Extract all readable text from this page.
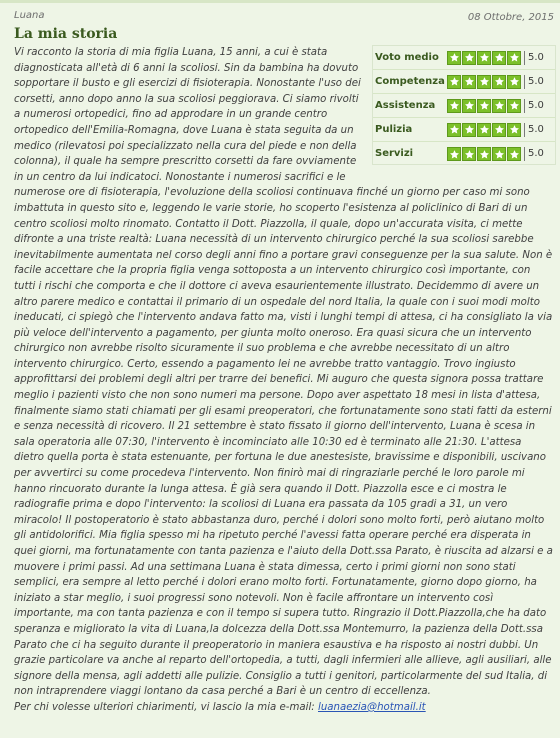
Luana	08 Ottobre, 2015
La mia storia
Voto medio	5.0
Competenza	5.0
Assistenza	5.0
Pulizia	5.0
Servizi	5.0
Vi racconto la storia di mia figlia Luana, 15 anni, a cui è stata diagnosticata all'età di 6 anni la scoliosi. Sin da bambina ha dovuto sopportare il busto e gli esercizi di fisioterapia. Nonostante l'uso dei corsetti, anno dopo anno la sua scoliosi peggiorava. Ci siamo rivolti a numerosi ortopedici, fino ad approdare in un grande centro ortopedico dell'Emilia-Romagna, dove Luana è stata seguita da un medico (rilevatosi poi specializzato nella cura del piede e non della colonna), il quale ha sempre prescritto corsetti da fare ovviamente in un centro da lui indicatoci. Nonostante i numerosi sacrifici e le numerose ore di fisioterapia, l'evoluzione della scoliosi continuava finché un giorno per caso mi sono imbattuta in questo sito e, leggendo le varie storie, ho scoperto l'esistenza al policlinico di Bari di un centro scoliosi molto rinomato. Contatto il Dott. Piazzolla, il quale, dopo un'accurata visita, ci mette difronte a una triste realtà: Luana necessità di un intervento chirurgico perché la sua scoliosi sarebbe inevitabilmente aumentata nel corso degli anni fino a portare gravi conseguenze per la sua salute. Non è facile accettare che la propria figlia venga sottoposta a un intervento chirurgico così importante, con tutti i rischi che comporta e che il dottore ci aveva esaurientemente illustrato. Decidemmo di avere un altro parere medico e contattai il primario di un ospedale del nord Italia, la quale con i suoi modi molto ineducati, ci spiegò che l'intervento andava fatto ma, visti i lunghi tempi di attesa, ci ha consigliato la via più veloce dell'intervento a pagamento, per giunta molto oneroso. Era quasi sicura che un intervento chirurgico non avrebbe risolto sicuramente il suo problema e che avrebbe necessitato di un altro intervento chirurgico. Certo, essendo a pagamento lei ne avrebbe tratto vantaggio. Trovo ingiusto approfittarsi dei problemi degli altri per trarre dei benefici. Mi auguro che questa signora possa trattare meglio i pazienti visto che non sono numeri ma persone. Dopo aver aspettato 18 mesi in lista d'attesa, finalmente siamo stati chiamati per gli esami preoperatori, che fortunatamente sono stati fatti da esterni e senza necessità di ricovero. Il 21 settembre è stato fissato il giorno dell'intervento, Luana è scesa in sala operatoria alle 07:30, l'intervento è incominciato alle 10:30 ed è terminato alle 21:30. L'attesa dietro quella porta è stata estenuante, per fortuna le due anestesiste, bravissime e disponibili, uscivano per avvertirci su come procedeva l'intervento. Non finirò mai di ringraziarle perché le loro parole mi hanno rincuorato durante la lunga attesa. È già sera quando il Dott. Piazzolla esce e ci mostra le radiografie prima e dopo l'intervento: la scoliosi di Luana era passata da 105 gradi a 31, un vero miracolo! Il postoperatorio è stato abbastanza duro, perché i dolori sono molto forti, però aiutano molto gli antidolorifici. Mia figlia spesso mi ha ripetuto perché l'avessi fatta operare perché era disperata in quei giorni, ma fortunatamente con tanta pazienza e l'aiuto della Dott.ssa Parato, è riuscita ad alzarsi e a muovere i primi passi. Ad una settimana Luana è stata dimessa, certo i primi giorni non sono stati semplici, era sempre al letto perché i dolori erano molto forti. Fortunatamente, giorno dopo giorno, ha iniziato a star meglio, i suoi progressi sono notevoli. Non è facile affrontare un intervento così importante, ma con tanta pazienza e con il tempo si supera tutto. Ringrazio il Dott.Piazzolla,che ha dato speranza e migliorato la vita di Luana,la dolcezza della Dott.ssa Montemurro, la pazienza della Dott.ssa Parato che ci ha seguito durante il preoperatorio in maniera esaustiva e ha risposto ai nostri dubbi. Un grazie particolare va anche al reparto dell'ortopedia, a tutti, dagli infermieri alle allieve, agli ausiliari, alle signore della mensa, agli addetti alle pulizie. Consiglio a tutti i genitori, particolarmente del sud Italia, di non intraprendere viaggi lontano da casa perché a Bari è un centro di eccellenza.
Per chi volesse ulteriori chiarimenti, vi lascio la mia e-mail: luanaezia@hotmail.it
